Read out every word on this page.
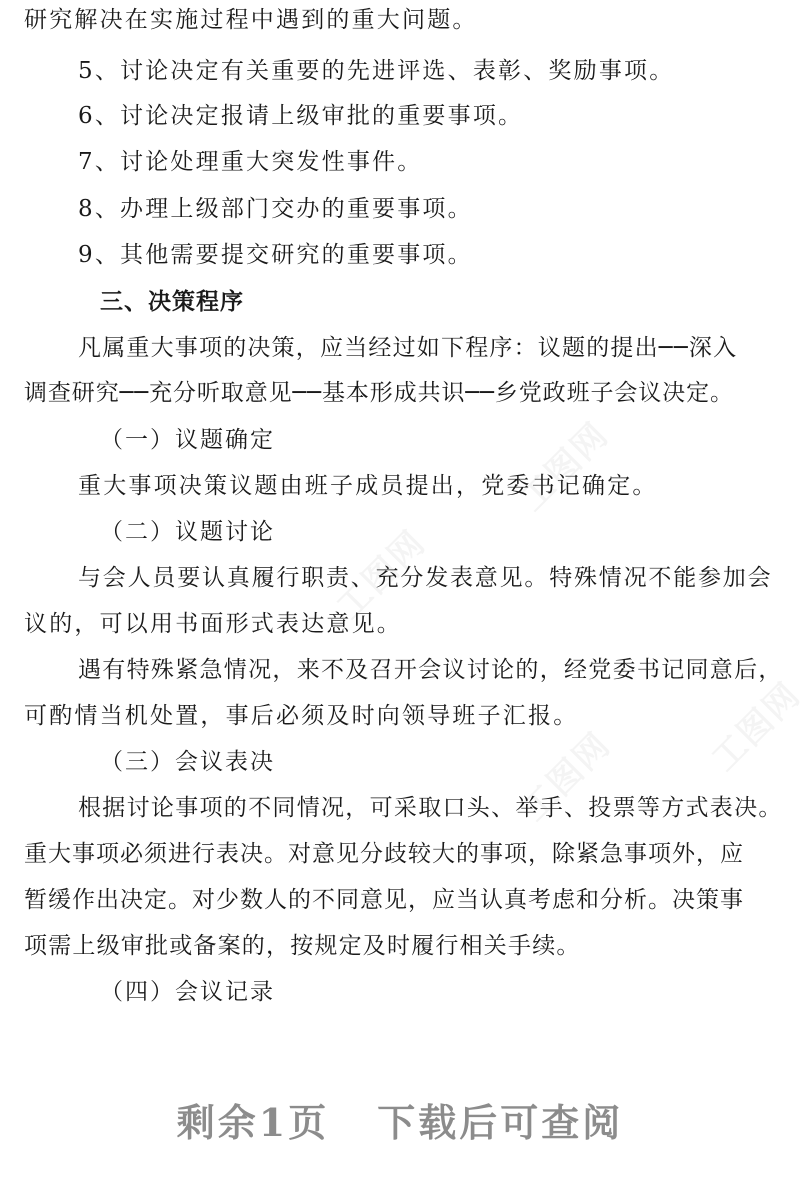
研究解决在实施过程中遇到的重大问题。
5、讨论决定有关重要的先进评选、表彰、奖励事项。
6、讨论决定报请上级审批的重要事项。
7、讨论处理重大突发性事件。
8、办理上级部门交办的重要事项。
9、其他需要提交研究的重要事项。
三、决策程序
凡属重大事项的决策，应当经过如下程序：议题的提出──深入
调查研究──充分听取意见──基本形成共识──乡党政班子会议决定。
（一）议题确定
重大事项决策议题由班子成员提出，党委书记确定。
（二）议题讨论
与会人员要认真履行职责、充分发表意见。特殊情况不能参加会
议的，可以用书面形式表达意见。
遇有特殊紧急情况，来不及召开会议讨论的，经党委书记同意后，
可酌情当机处置，事后必须及时向领导班子汇报。
（三）会议表决
根据讨论事项的不同情况，可采取口头、举手、投票等方式表决。
重大事项必须进行表决。对意见分歧较大的事项，除紧急事项外，应
暂缓作出决定。对少数人的不同意见，应当认真考虑和分析。决策事
项需上级审批或备案的，按规定及时履行相关手续。
（四）会议记录
剩余1页 下载后可查阅
